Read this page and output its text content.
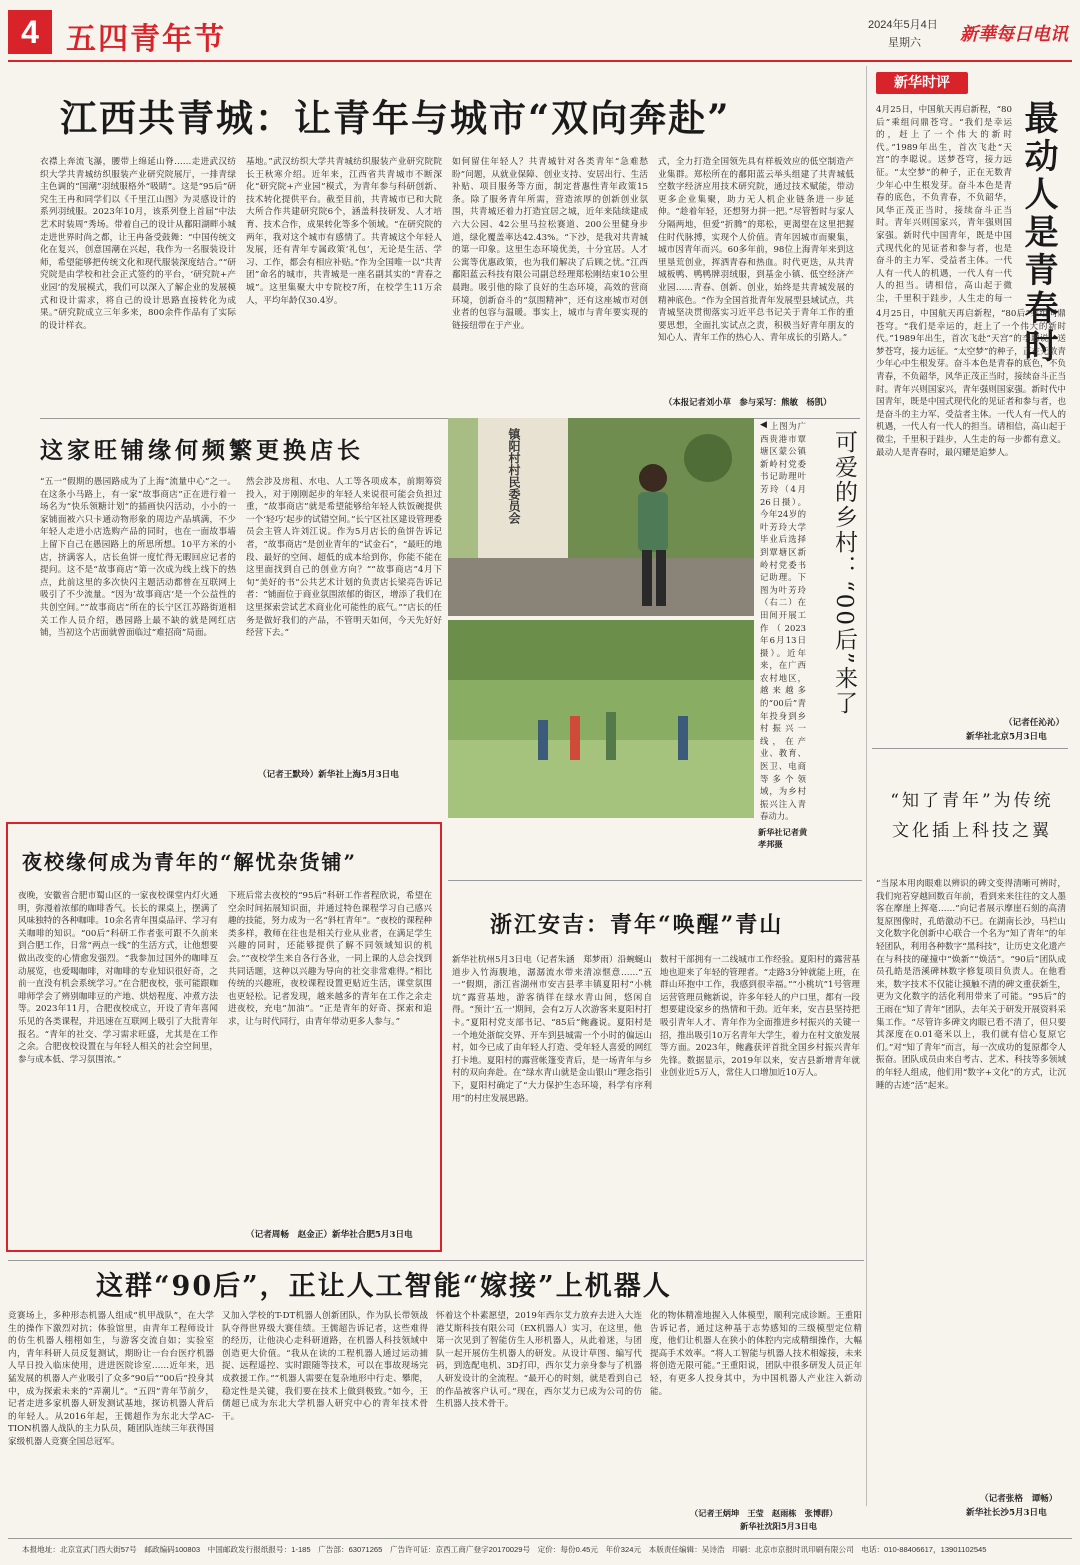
4 五四青年节	2024年5月4日
星期六 新華每日电讯
江西共青城：让青年与城市“双向奔赴”
衣襟上奔流飞瀑，腰带上绵延山脊……走进武汉纺织大学共青城纺织服装产业研究院展厅，一排青绿主色调的“国潮”羽绒服格外“吸睛”。这是“95后”研究生王冉和同学们以《千里江山图》为灵感设计的系列羽绒服。2023年10月，该系列登上首届“中法艺术时装周”秀场。带着自己的设计从鄱阳湖畔小城走进世界时尚之都，让王冉备受鼓舞：“中国传统文化在复兴，创意国潮在兴起，我作为一名服装设计师，希望能够把传统文化和现代服装深度结合。”“研究院是由学校和社会正式签约的平台，‘研究院+产业园’的发展模式，我们可以深入了解企业的发展模式和设计需求，将自己的设计思路直接转化为成果。”研究院成立三年多来，800余件作品有了实际的设计样衣。
基地。”武汉纺织大学共青城纺织服装产业研究院院长王秋寒介绍。近年来，江西省共青城市不断深化“研究院+产业园”模式，为青年参与科研创新、技术转化提供平台。截至目前，共青城市已和大院大所合作共建研究院6个，涵盖科技研发、人才培育、技术合作，成果转化等多个领域。“在研究院的两年，我对这个城市有感情了。共青城这个年轻人发展，还有青年专属政策‘礼包’，无论是生活、学习、工作，都会有相应补贴。”作为全国唯一以“共青团”命名的城市，共青城是一座名副其实的“青春之城”。这里集聚大中专院校7所，在校学生11万余人，平均年龄仅30.4岁。
如何留住年轻人？共青城针对各类青年“急难愁盼”问题，从就业保障、创业支持、安居出行、生活补贴、项目服务等方面，制定普惠性青年政策15条。除了服务青年所需，营造浓厚的创新创业氛围，共青城还着力打造宜居之城，近年来陆续建成六大公园、42公里马拉松赛道、200公里健身步道，绿化覆盖率达42.43%。“下沙，是我对共青城的第一印象。这里生态环境优美，十分宜居。人才公寓等优惠政策，也为我们解决了后顾之忧。”江西鄱阳蓝云科技有限公司副总经理郑松刚结束10公里晨跑。吸引他的除了良好的生态环境，高效的营商环境，创新奋斗的“氛围精神”，还有这座城市对创业者的包容与温暖。事实上，城市与青年要实现的链接纽带在于产业。
式，全力打造全国领先具有样板效应的低空制造产业集群。郑松所在的鄱阳蓝云举头组建了共青城低空数字经济应用技术研究院，通过技术赋能，带动更多企业集聚，助力无人机企业链条进一步延伸。“趁着年轻，还想努力拼一把。”尽管暂时与家人分隔两地，但爱“折腾”的郑松，更渴望在这里把握住时代脉搏，实现个人价值。青年因城市而聚集，城市因青年而兴。60多年前，98位上海青年来到这里垦荒创业，挥洒青春和热血。时代更迭，从共青城板鸭、鸭鸭牌羽绒服，到基金小镇、低空经济产业园……青春、创新、创业，始终是共青城发展的精神底色。“作为全国首批青年发展型县域试点，共青城坚决贯彻落实习近平总书记关于青年工作的重要思想，全面扎实试点之责，积极当好青年朋友的知心人、青年工作的热心人、青年成长的引路人。”
（本报记者刘小草　参与采写：熊敏　杨凯）
新华时评
最动人是青春时
4月25日，中国航天再启新程，“80后”乘组问鼎苍穹。“我们是幸运的，赶上了一个伟大的新时代。”1989年出生，首次飞赴“天宫”的李聪说。送梦苍穹，接力远征。“太空梦”的种子，正在无数青少年心中生根发芽。奋斗本色是青春的底色，不负青春，不负韶华，风华正茂正当时，接续奋斗正当时。青年兴则国家兴，青年强则国家强。新时代中国青年，既是中国式现代化的见证者和参与者，也是奋斗的主力军、受益者主体。一代人有一代人的机遇，一代人有一代人的担当。请相信，高山起于微尘，千里积于跬步，人生走的每一
4月25日，中国航天再启新程，“80后”乘组问鼎苍穹。“我们是幸运的，赶上了一个伟大的新时代。”1989年出生，首次飞赴“天宫”的李聪说。送梦苍穹，接力远征。“太空梦”的种子，正在无数青少年心中生根发芽。奋斗本色是青春的底色，不负青春，不负韶华，风华正茂正当时，接续奋斗正当时。青年兴则国家兴，青年强则国家强。新时代中国青年，既是中国式现代化的见证者和参与者，也是奋斗的主力军、受益者主体。一代人有一代人的机遇，一代人有一代人的担当。请相信，高山起于微尘，千里积于跬步，人生走的每一步都有意义。最动人是青春时，最闪耀是追梦人。
（记者任沁沁）
新华社北京5月3日电
这家旺铺缘何频繁更换店长
“五一”假期的愚园路成为了上海“流量中心”之一。在这条小马路上，有一家“故事商店”正在进行着一场名为“快乐领糖计划”的插画快闪活动，小小的一家铺面被六只卡通动物形象的周边产品填满，不少年轻人走进小店选购产品的同时，也在一面故事墙上留下自己在愚园路上的所思所想。10平方米的小店，挤满客人，店长鱼饼一度忙得无暇回应记者的提问。这不是“故事商店”第一次成为线上线下的热点，此前这里的多次快闪主题活动都曾在互联网上吸引了不少流量。“因为‘故事商店’是一个公益性的共创空间。”“故事商店”所在的长宁区江苏路街道相关工作人员介绍，愚园路上最不缺的就是网红店铺，当初这个店面就曾面临过“难招商”局面。
然会涉及房租、水电、人工等各项成本，前期筹资投入，对于刚刚起步的年轻人来说很可能会负担过重，“故事商店”就是希望能够给年轻人铁饭碗提供一个‘轻巧’起步的试错空间。”长宁区社区建设管理委员会主管人许刘江说。作为5月店长的鱼饼告诉记者，“故事商店”是创业青年的“试金石”，“最旺的地段、最好的空间、超低的成本给到你，你能不能在这里面找到自己的创业方向？”“故事商店”4月下旬“美好的书”公共艺术计划的负责店长梁亮告诉记者：“铺面位于商业氛围浓郁的街区，增添了我们在这里探索尝试艺术商业化可能性的底气。”“店长的任务是做好我们的产品，不管明天如何，今天先好好经营下去。”
（记者王默玲）新华社上海5月3日电
镇阳村村民委员会
◀ 上图为广西贵港市覃塘区蒙公镇新岭村党委书记助理叶芳玲（4月26日摄）。今年24岁的叶芳玲大学毕业后选择到覃塘区新岭村党委书记助理。下图为叶芳玲（右二）在田间开展工作（2023年6月13日摄）。近年来，在广西农村地区，越来越多的“00后”青年投身到乡村振兴一线，在产业、教育、医卫、电商等多个领域，为乡村振兴注入青春动力。
新华社记者黄孝邦摄
可爱的乡村：“00后”来了
夜校缘何成为青年的“解忧杂货铺”
夜晚，安徽省合肥市蜀山区的一家夜校课堂内灯火通明，弥漫着浓郁的咖啡香气。长长的课桌上，摆满了风味独特的各种咖啡。10余名青年围桌品评、学习有关咖啡的知识。“00后”科研工作者张可跟不久前来到合肥工作，日常“两点一线”的生活方式，让他想要做出改变的心情愈发强烈。“我参加过国外的咖啡互动展览，也爱喝咖啡，对咖啡的专业知识很好奇，之前一直没有机会系统学习。”在合肥夜校，张可能跟咖啡师学会了辨别咖啡豆的产地、烘焙程度、冲煮方法等。2023年11月，合肥夜校成立，开设了青年喜闻乐见的各类课程，并迅速在互联网上吸引了大批青年报名。“青年的社交、学习需求旺盛，尤其是在工作之余。合肥夜校设置在与年轻人相关的社会空间里，参与成本低、学习氛围浓。”
下班后常去夜校的“95后”科研工作者程欣说，希望在空余时间拓展知识面，并通过特色课程学习自己感兴趣的技能，努力成为一名“斜杠青年”。“夜校的课程种类多样，教师在往也是相关行业从业者，在满足学生兴趣的同时，还能够提供了解不同领域知识的机会。”“夜校学生来自各行各业，一同上课的人总会找到共同话题，这种以兴趣为导向的社交非常难得。”相比传统的兴趣班，夜校课程设置更贴近生活，课堂氛围也更轻松。记者发现，越来越多的青年在工作之余走进夜校，充电“加油”。“正是青年的好奇、探索和追求，让与时代同行，由青年带动更多人参与。”
（记者周畅　赵金正）新华社合肥5月3日电
浙江安吉：青年“唤醒”青山
新华社杭州5月3日电（记者朱涵　郑梦雨）沿蜿蜒山道步入竹海腹地，潺潺流水带来清凉惬意……“五一”假期，浙江省湖州市安吉县孝丰镇夏阳村“小桃坑”露营基地，游客徜徉在绿水青山间，悠闲自得。“预计‘五一’期间，会有2万人次游客来夏阳村打卡。”夏阳村党支部书记、“85后”鲍鑫说。夏阳村是一个地处浙皖交界、开车到县城需一个小时的偏远山村，如今已成了由年轻人打造、受年轻人喜爱的网红打卡地。夏阳村的露营帐篷变青后，是一场青年与乡村的双向奔赴。在“绿水青山就是金山银山”理念指引下，夏阳村确定了“大力保护生态环境，科学有序利用”的村庄发展思路。
数村干部拥有一二线城市工作经验。夏阳村的露营基地也迎来了年轻的管理者。“走路3分钟就能上班，在群山环抱中工作，我感到很幸福。”“小桃坑”1号管理运营管理员鲍新说，许多年轻人的户口里，都有一段想要建设家乡的热情和干劲。近年来，安吉县坚持把吸引青年人才、青年作为全面推进乡村振兴的关键一招，推出吸引10万名青年大学生，着力在村文旅发展等方面。2023年，鲍鑫获评首批全国乡村振兴青年先锋。数据显示，2019年以来，安吉县新增青年就业创业近5万人，常住人口增加近10万人。
“知了青年”为传统文化插上科技之翼
“当尿本用肉眼难以辨识的碑文变得清晰可辨时，我们宛若穿越回数百年前，看到来来往往的文人墨客在摩崖上挥毫……”向记者展示摩崖石刻的高清复原图像时，孔皓激动不已。在湖南长沙，马栏山文化数字化创新中心联合一个名为“知了青年”的年轻团队，利用各种数字“黑科技”，让历史文化遗产在与科技的碰撞中“焕新”“焕活”。“90后”团队成员孔皓是浯溪碑林数字修复项目负责人。在他看来，数字技术不仅能让摸触不清的碑文重获新生，更为文化数字的活化利用带来了可能。“95后”的王雨在“知了青年”团队，去年关于研发开展资料采集工作。“尽管许多碑文肉眼已看不清了，但只要其深度在0.01毫米以上，我们就有信心复原它们。”对“知了青年”而言，每一次成功的复原都令人振奋。团队成员由来自考古、艺术、科技等多领域的年轻人组成，他们用“数字+文化”的方式，让沉睡的古迹“活”起来。
（记者张格　谭畅）
新华社长沙5月3日电
这群“90后”，正让人工智能“嫁接”上机器人
竞赛场上，多种形态机器人组成“机甲战队”，在大学生的操作下激烈对抗；体验馆里，由青年工程师设计的仿生机器人栩栩如生，与游客交流自如；实验室内，青年科研人员反复测试，期盼让一台台医疗机器人早日投入临床使用，进进医院诊室……近年来，迅猛发展的机器人产业吸引了众多“90后”“00后”投身其中，成为探索未来的“弄潮儿”。“五四”青年节前夕，记者走进多家机器人研发测试基地，探访机器人背后的年轻人。从2016年起，王儒超作为东北大学AC-TION机器人战队的主力队员，随团队连续三年获得国家级机器人竞赛全国总冠军。
又加入学校的T-DT机器人创新团队，作为队长带领战队夺得世界级大赛佳绩。王儒超告诉记者，这些难得的经历，让他决心走科研道路，在机器人科技领域中创造更大价值。“我从在读的工程机器人通过运动捕捉、远程遥控、实时跟随等技术，可以在事故现场完成救援工作。”“机器人需要在复杂地形中行走、攀爬，稳定性是关键，我们要在技术上做到极致。”如今，王儒超已成为东北大学机器人研究中心的青年技术骨干。
怀着这个朴素愿望，2019年西尔艾力放弃去进入大连港艾斯科技有限公司（EX机器人）实习，在这里，他第一次见到了智能仿生人形机器人，从此着迷，与团队一起开展仿生机器人的研发。从设计草图、编写代码，到选配电机、3D打印，西尔艾力亲身参与了机器人研发设计的全流程。“最开心的时刻，就是看到自己的作品被客户认可。”现在，西尔艾力已成为公司的仿生机器人技术骨干。
化的物体精准地握入人体模型，顺利完成诊断。王重阳告诉记者，通过这种基于志势感知的三级模型定位精度，他们让机器人在狭小的体腔内完成精细操作，大幅提高手术效率。“将人工智能与机器人技术相嫁接，未来将创造无限可能。”王重阳说，团队中很多研发人员正年轻，有更多人投身其中，为中国机器人产业注入新动能。
（记者王炳坤　王莹　赵雨栋　张博群）
新华社沈阳5月3日电
本报地址：北京宣武门西大街57号　邮政编码100803　中国邮政发行报纸报号：1-185　广告部：63071265　广告许可证：京西工商广登字20170029号　定价：每份0.45元　年价324元　本版责任编辑：吴诗浩　印刷：北京市京报时讯印刷有限公司　电话：010-88406617，13901102545
